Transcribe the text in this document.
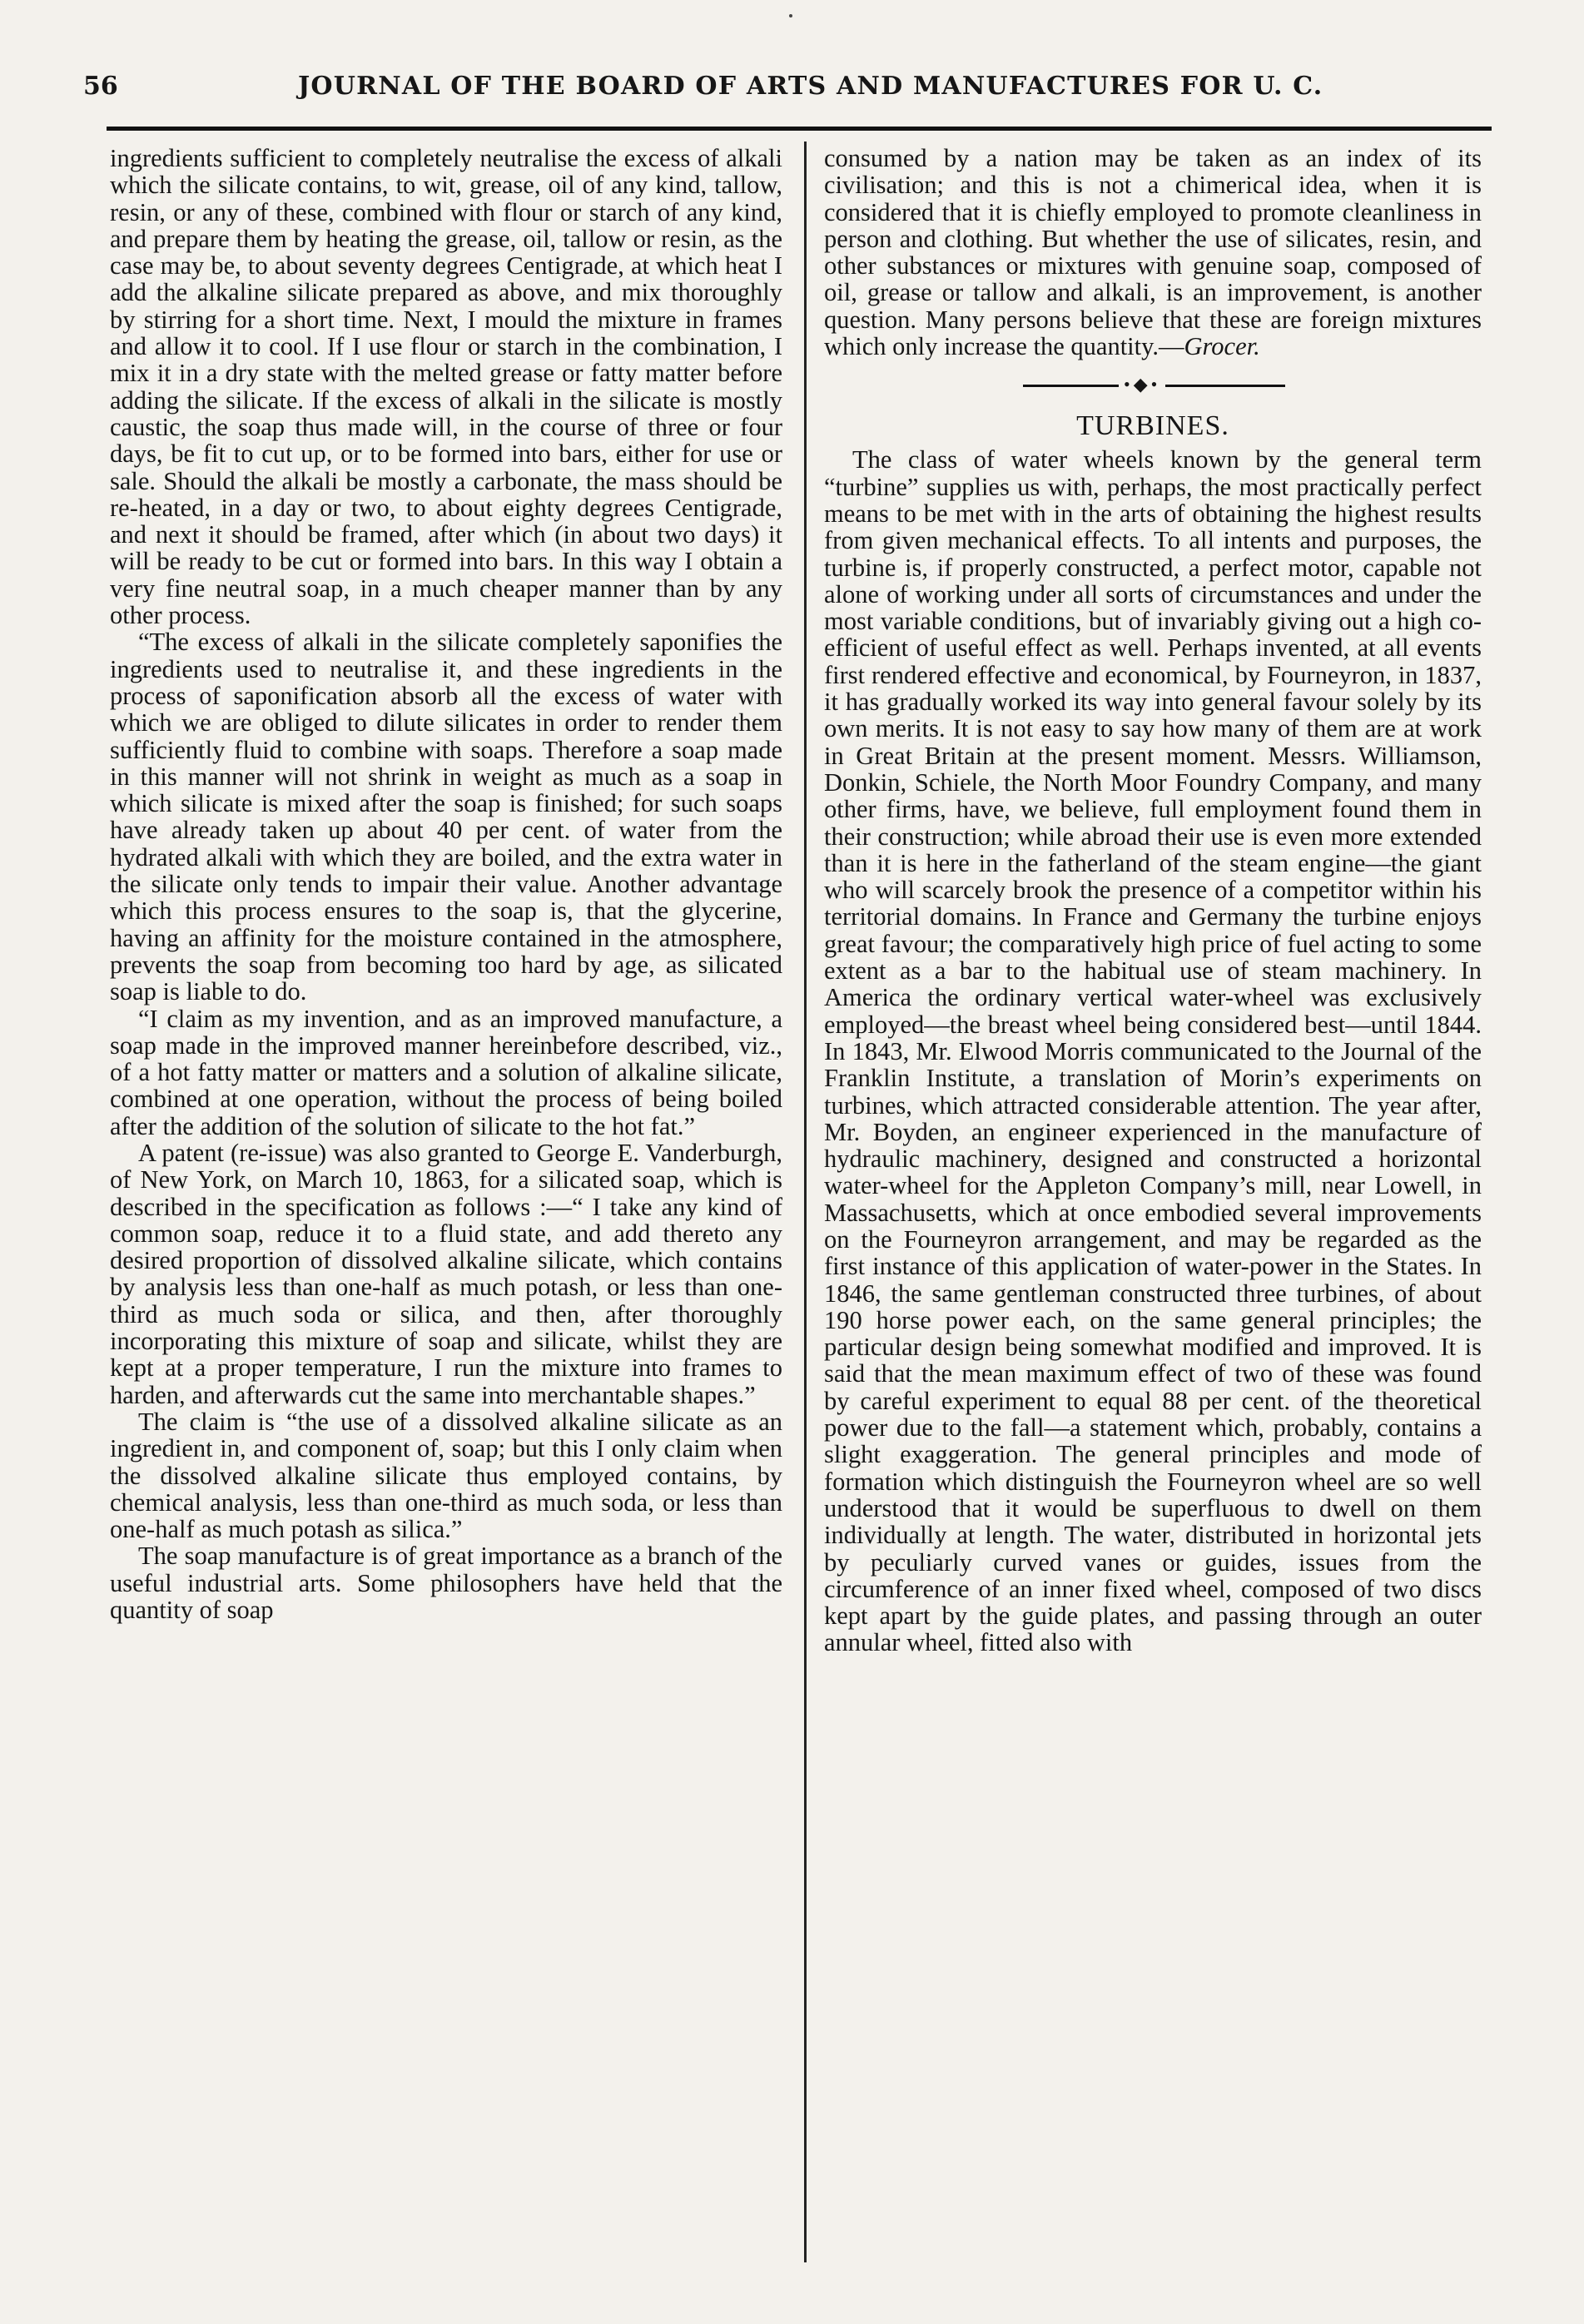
56	JOURNAL OF THE BOARD OF ARTS AND MANUFACTURES FOR U. C.

ingredients sufficient to completely neutralise the excess of alkali which the silicate contains, to wit, grease, oil of any kind, tallow, resin, or any of these, combined with flour or starch of any kind, and prepare them by heating the grease, oil, tallow or resin, as the case may be, to about seventy degrees Centigrade, at which heat I add the alkaline silicate prepared as above, and mix thoroughly by stirring for a short time. Next, I mould the mixture in frames and allow it to cool. If I use flour or starch in the combination, I mix it in a dry state with the melted grease or fatty matter before adding the silicate. If the excess of alkali in the silicate is mostly caustic, the soap thus made will, in the course of three or four days, be fit to cut up, or to be formed into bars, either for use or sale. Should the alkali be mostly a carbonate, the mass should be re-heated, in a day or two, to about eighty degrees Centigrade, and next it should be framed, after which (in about two days) it will be ready to be cut or formed into bars. In this way I obtain a very fine neutral soap, in a much cheaper manner than by any other process.

“The excess of alkali in the silicate completely saponifies the ingredients used to neutralise it, and these ingredients in the process of saponification absorb all the excess of water with which we are obliged to dilute silicates in order to render them sufficiently fluid to combine with soaps. Therefore a soap made in this manner will not shrink in weight as much as a soap in which silicate is mixed after the soap is finished; for such soaps have already taken up about 40 per cent. of water from the hydrated alkali with which they are boiled, and the extra water in the silicate only tends to impair their value. Another advantage which this process ensures to the soap is, that the glycerine, having an affinity for the moisture contained in the atmosphere, prevents the soap from becoming too hard by age, as silicated soap is liable to do.

“I claim as my invention, and as an improved manufacture, a soap made in the improved manner hereinbefore described, viz., of a hot fatty matter or matters and a solution of alkaline silicate, combined at one operation, without the process of being boiled after the addition of the solution of silicate to the hot fat.”

A patent (re-issue) was also granted to George E. Vanderburgh, of New York, on March 10, 1863, for a silicated soap, which is described in the specification as follows :—“ I take any kind of common soap, reduce it to a fluid state, and add thereto any desired proportion of dissolved alkaline silicate, which contains by analysis less than one-half as much potash, or less than one-third as much soda or silica, and then, after thoroughly incorporating this mixture of soap and silicate, whilst they are kept at a proper temperature, I run the mixture into frames to harden, and afterwards cut the same into merchantable shapes.”

The claim is “the use of a dissolved alkaline silicate as an ingredient in, and component of, soap; but this I only claim when the dissolved alkaline silicate thus employed contains, by chemical analysis, less than one-third as much soda, or less than one-half as much potash as silica.”

The soap manufacture is of great importance as a branch of the useful industrial arts. Some philosophers have held that the quantity of soap

consumed by a nation may be taken as an index of its civilisation; and this is not a chimerical idea, when it is considered that it is chiefly employed to promote cleanliness in person and clothing. But whether the use of silicates, resin, and other substances or mixtures with genuine soap, composed of oil, grease or tallow and alkali, is an improvement, is another question. Many persons believe that these are foreign mixtures which only increase the quantity.—Grocer.

•◆•
TURBINES.

The class of water wheels known by the general term “turbine” supplies us with, perhaps, the most practically perfect means to be met with in the arts of obtaining the highest results from given mechanical effects. To all intents and purposes, the turbine is, if properly constructed, a perfect motor, capable not alone of working under all sorts of circumstances and under the most variable conditions, but of invariably giving out a high co-efficient of useful effect as well. Perhaps invented, at all events first rendered effective and economical, by Fourneyron, in 1837, it has gradually worked its way into general favour solely by its own merits. It is not easy to say how many of them are at work in Great Britain at the present moment. Messrs. Williamson, Donkin, Schiele, the North Moor Foundry Company, and many other firms, have, we believe, full employment found them in their construction; while abroad their use is even more extended than it is here in the fatherland of the steam engine—the giant who will scarcely brook the presence of a competitor within his territorial domains. In France and Germany the turbine enjoys great favour; the comparatively high price of fuel acting to some extent as a bar to the habitual use of steam machinery. In America the ordinary vertical water-wheel was exclusively employed—the breast wheel being considered best—until 1844. In 1843, Mr. Elwood Morris communicated to the Journal of the Franklin Institute, a translation of Morin’s experiments on turbines, which attracted considerable attention. The year after, Mr. Boyden, an engineer experienced in the manufacture of hydraulic machinery, designed and constructed a horizontal water-wheel for the Appleton Company’s mill, near Lowell, in Massachusetts, which at once embodied several improvements on the Fourneyron arrangement, and may be regarded as the first instance of this application of water-power in the States. In 1846, the same gentleman constructed three turbines, of about 190 horse power each, on the same general principles; the particular design being somewhat modified and improved. It is said that the mean maximum effect of two of these was found by careful experiment to equal 88 per cent. of the theoretical power due to the fall—a statement which, probably, contains a slight exaggeration. The general principles and mode of formation which distinguish the Fourneyron wheel are so well understood that it would be superfluous to dwell on them individually at length. The water, distributed in horizontal jets by peculiarly curved vanes or guides, issues from the circumference of an inner fixed wheel, composed of two discs kept apart by the guide plates, and passing through an outer annular wheel, fitted also with
